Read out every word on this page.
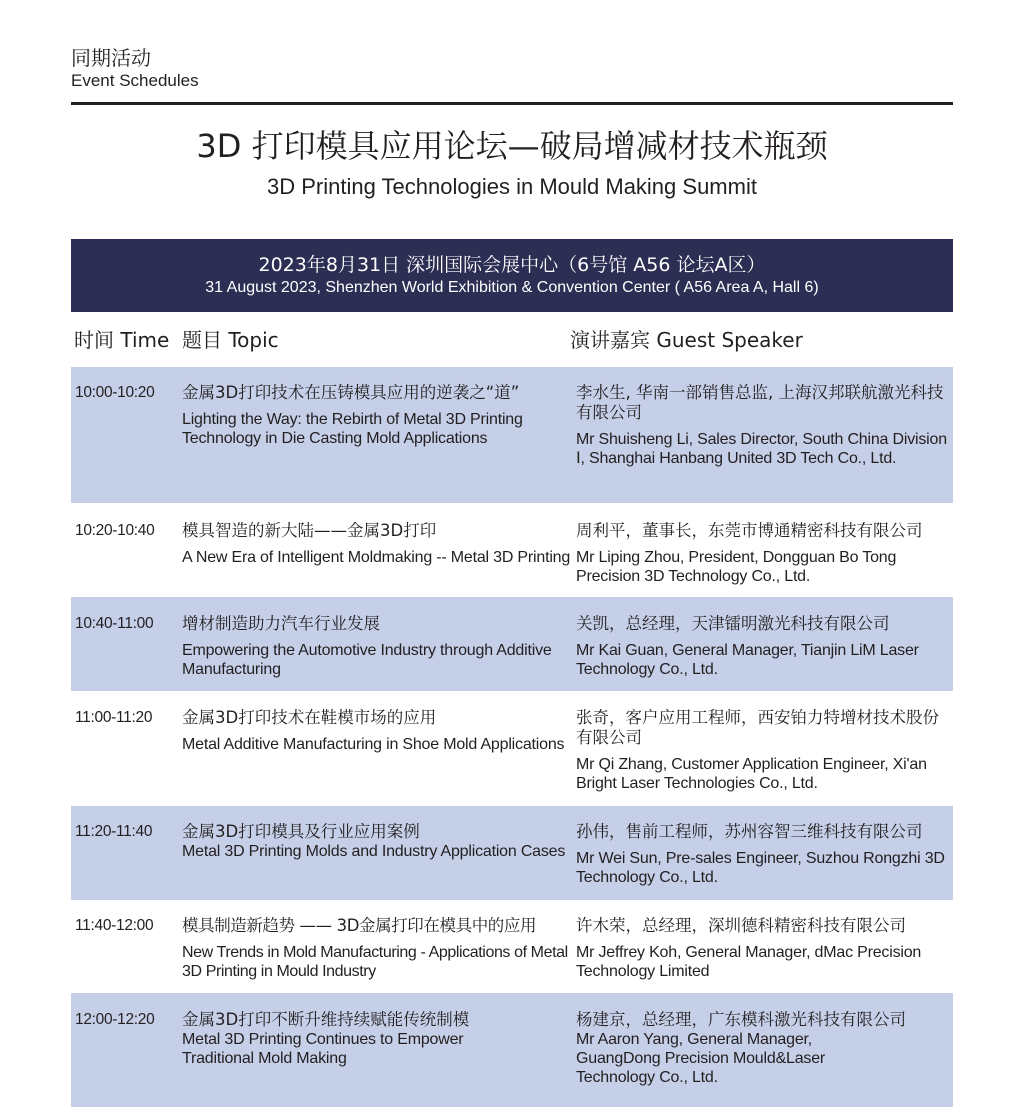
同期活动
Event Schedules
3D 打印模具应用论坛—破局增减材技术瓶颈
3D Printing Technologies in Mould Making Summit
2023年8月31日 深圳国际会展中心（6号馆 A56 论坛A区）
31 August 2023, Shenzhen World Exhibition & Convention Center ( A56 Area A, Hall 6)
时间 Time 题目 Topic	演讲嘉宾 Guest Speaker
10:00-10:20 金属3D打印技术在压铸模具应用的逆袭之“道”
Lighting the Way: the Rebirth of Metal 3D Printing Technology in Die Casting Mold Applications
李水生, 华南一部销售总监, 上海汉邦联航激光科技有限公司
Mr Shuisheng Li, Sales Director, South China Division Ⅰ, Shanghai Hanbang United 3D Tech Co., Ltd.
10:20-10:40 模具智造的新大陆——金属3D打印
A New Era of Intelligent Moldmaking -- Metal 3D Printing
周利平，董事长，东莞市博通精密科技有限公司
Mr Liping Zhou, President, Dongguan Bo Tong Precision 3D Technology Co., Ltd.
10:40-11:00 增材制造助力汽车行业发展
Empowering the Automotive Industry through Additive Manufacturing
关凯，总经理，天津镭明激光科技有限公司
Mr Kai Guan, General Manager, Tianjin LiM Laser Technology Co., Ltd.
11:00-11:20 金属3D打印技术在鞋模市场的应用
Metal Additive Manufacturing in Shoe Mold Applications
张奇，客户应用工程师，西安铂力特增材技术股份有限公司
Mr Qi Zhang, Customer Application Engineer, Xi'an Bright Laser Technologies Co., Ltd.
11:20-11:40 金属3D打印模具及行业应用案例
Metal 3D Printing Molds and Industry Application Cases
孙伟，售前工程师，苏州容智三维科技有限公司
Mr Wei Sun, Pre-sales Engineer, Suzhou Rongzhi 3D Technology Co., Ltd.
11:40-12:00 模具制造新趋势 —— 3D金属打印在模具中的应用
New Trends in Mold Manufacturing - Applications of Metal 3D Printing in Mould Industry
许木荣，总经理，深圳德科精密科技有限公司
Mr Jeffrey Koh, General Manager, dMac Precision Technology Limited
12:00-12:20 金属3D打印不断升维持续赋能传统制模
Metal 3D Printing Continues to Empower Traditional Mold Making
杨建京，总经理，广东模科激光科技有限公司
Mr Aaron Yang, General Manager, GuangDong Precision Mould&Laser Technology Co., Ltd.
